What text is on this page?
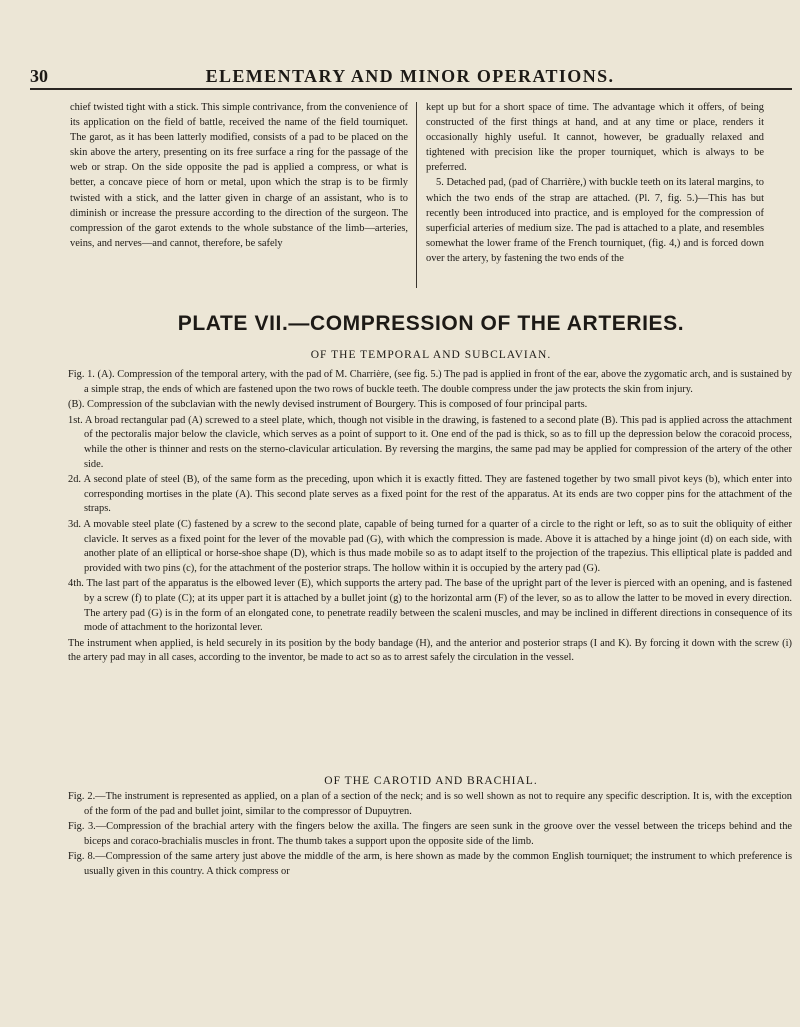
30	ELEMENTARY AND MINOR OPERATIONS.

chief twisted tight with a stick. This simple contrivance, from the convenience of its application on the field of battle, received the name of the field tourniquet. The garot, as it has been latterly modified, consists of a pad to be placed on the skin above the artery, presenting on its free surface a ring for the passage of the web or strap. On the side opposite the pad is applied a compress, or what is better, a concave piece of horn or metal, upon which the strap is to be firmly twisted with a stick, and the latter given in charge of an assistant, who is to diminish or increase the pressure according to the direction of the surgeon. The compression of the garot extends to the whole substance of the limb—arteries, veins, and nerves—and cannot, therefore, be safely

kept up but for a short space of time. The advantage which it offers, of being constructed of the first things at hand, and at any time or place, renders it occasionally highly useful. It cannot, however, be gradually relaxed and tightened with precision like the proper tourniquet, which is always to be preferred.

5. Detached pad, (pad of Charrière,) with buckle teeth on its lateral margins, to which the two ends of the strap are attached. (Pl. 7, fig. 5.)—This has but recently been introduced into practice, and is employed for the compression of superficial arteries of medium size. The pad is attached to a plate, and resembles somewhat the lower frame of the French tourniquet, (fig. 4,) and is forced down over the artery, by fastening the two ends of the

PLATE VII.—COMPRESSION OF THE ARTERIES.
OF THE TEMPORAL AND SUBCLAVIAN.

Fig. 1. (A). Compression of the temporal artery, with the pad of M. Charrière, (see fig. 5.) The pad is applied in front of the ear, above the zygomatic arch, and is sustained by a simple strap, the ends of which are fastened upon the two rows of buckle teeth. The double compress under the jaw protects the skin from injury.

(B). Compression of the subclavian with the newly devised instrument of Bourgery. This is composed of four principal parts.

1st. A broad rectangular pad (A) screwed to a steel plate, which, though not visible in the drawing, is fastened to a second plate (B). This pad is applied across the attachment of the pectoralis major below the clavicle, which serves as a point of support to it. One end of the pad is thick, so as to fill up the depression below the coracoid process, while the other is thinner and rests on the sterno-clavicular articulation. By reversing the margins, the same pad may be applied for compression of the artery of the other side.

2d. A second plate of steel (B), of the same form as the preceding, upon which it is exactly fitted. They are fastened together by two small pivot keys (b), which enter into corresponding mortises in the plate (A). This second plate serves as a fixed point for the rest of the apparatus. At its ends are two copper pins for the attachment of the straps.

3d. A movable steel plate (C) fastened by a screw to the second plate, capable of being turned for a quarter of a circle to the right or left, so as to suit the obliquity of either clavicle. It serves as a fixed point for the lever of the movable pad (G), with which the compression is made. Above it is attached by a hinge joint (d) on each side, with another plate of an elliptical or horse-shoe shape (D), which is thus made mobile so as to adapt itself to the projection of the trapezius. This elliptical plate is padded and provided with two pins (c), for the attachment of the posterior straps. The hollow within it is occupied by the artery pad (G).

4th. The last part of the apparatus is the elbowed lever (E), which supports the artery pad. The base of the upright part of the lever is pierced with an opening, and is fastened by a screw (f) to plate (C); at its upper part it is attached by a bullet joint (g) to the horizontal arm (F) of the lever, so as to allow the latter to be moved in every direction. The artery pad (G) is in the form of an elongated cone, to penetrate readily between the scaleni muscles, and may be inclined in different directions in consequence of its mode of attachment to the horizontal lever.

The instrument when applied, is held securely in its position by the body bandage (H), and the anterior and posterior straps (I and K). By forcing it down with the screw (i) the artery pad may in all cases, according to the inventor, be made to act so as to arrest safely the circulation in the vessel.

OF THE CAROTID AND BRACHIAL.

Fig. 2.—The instrument is represented as applied, on a plan of a section of the neck; and is so well shown as not to require any specific description. It is, with the exception of the form of the pad and bullet joint, similar to the compressor of Dupuytren.

Fig. 3.—Compression of the brachial artery with the fingers below the axilla. The fingers are seen sunk in the groove over the vessel between the triceps behind and the biceps and coraco-brachialis muscles in front. The thumb takes a support upon the opposite side of the limb.

Fig. 8.—Compression of the same artery just above the middle of the arm, is here shown as made by the common English tourniquet; the instrument to which preference is usually given in this country. A thick compress or
